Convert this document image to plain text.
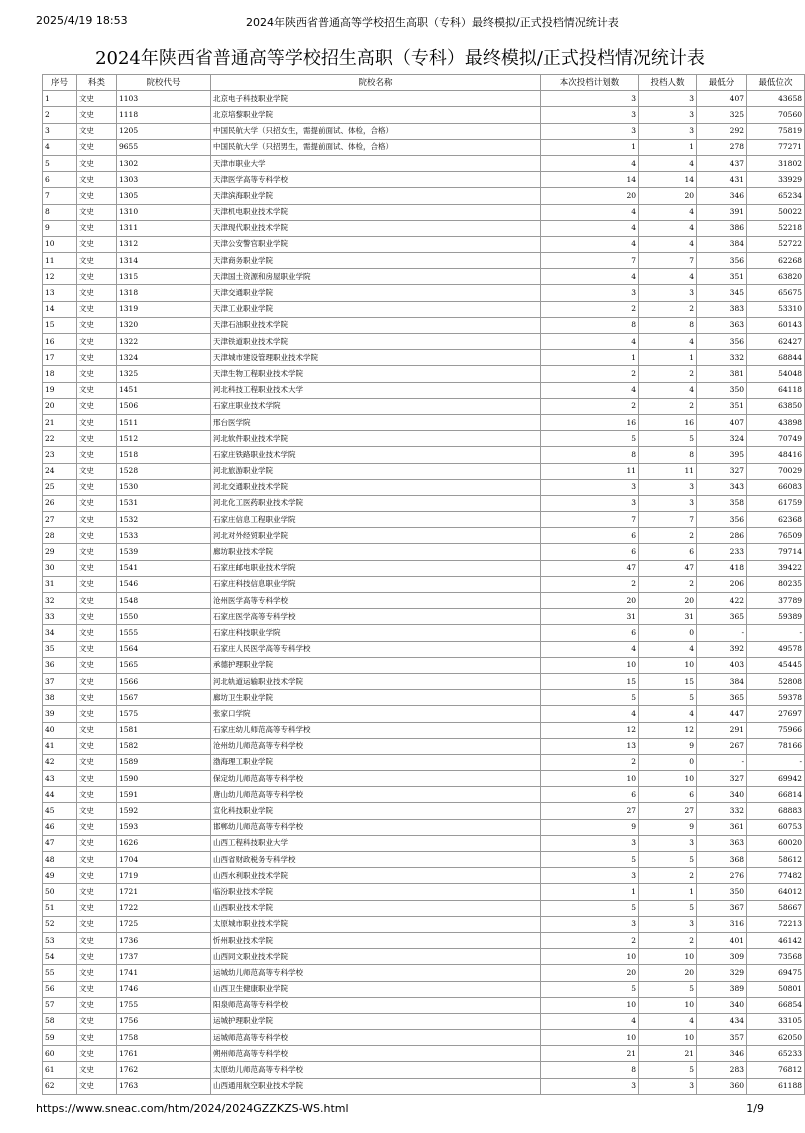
2025/4/19 18:53	2024年陕西省普通高等学校招生高职（专科）最终模拟/正式投档情况统计表
2024年陕西省普通高等学校招生高职（专科）最终模拟/正式投档情况统计表
序号	科类	院校代号	院校名称	本次投档计划数	投档人数	最低分	最低位次
1	文史	1103	北京电子科技职业学院	3	3	407	43658
2	文史	1118	北京培黎职业学院	3	3	325	70560
3	文史	1205	中国民航大学（只招女生，需提前面试、体检，合格）	3	3	292	75819
4	文史	9655	中国民航大学（只招男生，需提前面试、体检，合格）	1	1	278	77271
5	文史	1302	天津市职业大学	4	4	437	31802
6	文史	1303	天津医学高等专科学校	14	14	431	33929
7	文史	1305	天津滨海职业学院	20	20	346	65234
8	文史	1310	天津机电职业技术学院	4	4	391	50022
9	文史	1311	天津现代职业技术学院	4	4	386	52218
10	文史	1312	天津公安警官职业学院	4	4	384	52722
11	文史	1314	天津商务职业学院	7	7	356	62268
12	文史	1315	天津国土资源和房屋职业学院	4	4	351	63820
13	文史	1318	天津交通职业学院	3	3	345	65675
14	文史	1319	天津工业职业学院	2	2	383	53310
15	文史	1320	天津石油职业技术学院	8	8	363	60143
16	文史	1322	天津铁道职业技术学院	4	4	356	62427
17	文史	1324	天津城市建设管理职业技术学院	1	1	332	68844
18	文史	1325	天津生物工程职业技术学院	2	2	381	54048
19	文史	1451	河北科技工程职业技术大学	4	4	350	64118
20	文史	1506	石家庄职业技术学院	2	2	351	63850
21	文史	1511	邢台医学院	16	16	407	43898
22	文史	1512	河北软件职业技术学院	5	5	324	70749
23	文史	1518	石家庄铁路职业技术学院	8	8	395	48416
24	文史	1528	河北旅游职业学院	11	11	327	70029
25	文史	1530	河北交通职业技术学院	3	3	343	66083
26	文史	1531	河北化工医药职业技术学院	3	3	358	61759
27	文史	1532	石家庄信息工程职业学院	7	7	356	62368
28	文史	1533	河北对外经贸职业学院	6	2	286	76509
29	文史	1539	廊坊职业技术学院	6	6	233	79714
30	文史	1541	石家庄邮电职业技术学院	47	47	418	39422
31	文史	1546	石家庄科技信息职业学院	2	2	206	80235
32	文史	1548	沧州医学高等专科学校	20	20	422	37789
33	文史	1550	石家庄医学高等专科学校	31	31	365	59389
34	文史	1555	石家庄科技职业学院	6	0	-	-
35	文史	1564	石家庄人民医学高等专科学校	4	4	392	49578
36	文史	1565	承德护理职业学院	10	10	403	45445
37	文史	1566	河北轨道运输职业技术学院	15	15	384	52808
38	文史	1567	廊坊卫生职业学院	5	5	365	59378
39	文史	1575	张家口学院	4	4	447	27697
40	文史	1581	石家庄幼儿师范高等专科学校	12	12	291	75966
41	文史	1582	沧州幼儿师范高等专科学校	13	9	267	78166
42	文史	1589	渤海理工职业学院	2	0	-	-
43	文史	1590	保定幼儿师范高等专科学校	10	10	327	69942
44	文史	1591	唐山幼儿师范高等专科学校	6	6	340	66814
45	文史	1592	宣化科技职业学院	27	27	332	68883
46	文史	1593	邯郸幼儿师范高等专科学校	9	9	361	60753
47	文史	1626	山西工程科技职业大学	3	3	363	60020
48	文史	1704	山西省财政税务专科学校	5	5	368	58612
49	文史	1719	山西水利职业技术学院	3	2	276	77482
50	文史	1721	临汾职业技术学院	1	1	350	64012
51	文史	1722	山西职业技术学院	5	5	367	58667
52	文史	1725	太原城市职业技术学院	3	3	316	72213
53	文史	1736	忻州职业技术学院	2	2	401	46142
54	文史	1737	山西同文职业技术学院	10	10	309	73568
55	文史	1741	运城幼儿师范高等专科学校	20	20	329	69475
56	文史	1746	山西卫生健康职业学院	5	5	389	50801
57	文史	1755	阳泉师范高等专科学校	10	10	340	66854
58	文史	1756	运城护理职业学院	4	4	434	33105
59	文史	1758	运城师范高等专科学校	10	10	357	62050
60	文史	1761	朔州师范高等专科学校	21	21	346	65233
61	文史	1762	太原幼儿师范高等专科学校	8	5	283	76812
62	文史	1763	山西通用航空职业技术学院	3	3	360	61188
https://www.sneac.com/htm/2024/2024GZZKZS-WS.html	1/9
